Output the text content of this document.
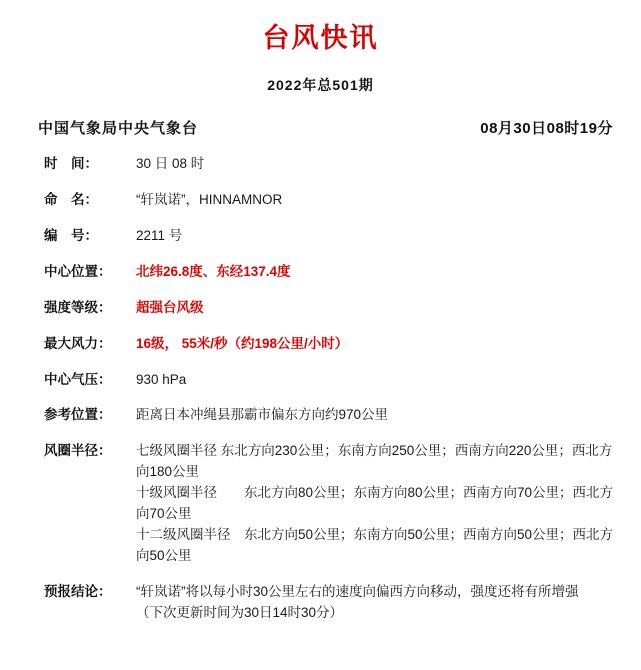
台风快讯
2022年总501期
中国气象局中央气象台	08月30日08时19分
时　间：	30 日 08 时
命　名：	“轩岚诺”，HINNAMNOR
编　号：	2211 号
中心位置：	北纬26.8度、东经137.4度
强度等级：	超强台风级
最大风力：	16级， 55米/秒（约198公里/小时）
中心气压：	930 hPa
参考位置：	距离日本冲绳县那霸市偏东方向约970公里
风圈半径：	七级风圈半径 东北方向230公里；东南方向250公里；西南方向220公里；西北方向180公里
十级风圈半径　　东北方向80公里；东南方向80公里；西南方向70公里；西北方向70公里
十二级风圈半径　东北方向50公里；东南方向50公里；西南方向50公里；西北方向50公里
预报结论：	“轩岚诺”将以每小时30公里左右的速度向偏西方向移动，强度还将有所增强
（下次更新时间为30日14时30分）
